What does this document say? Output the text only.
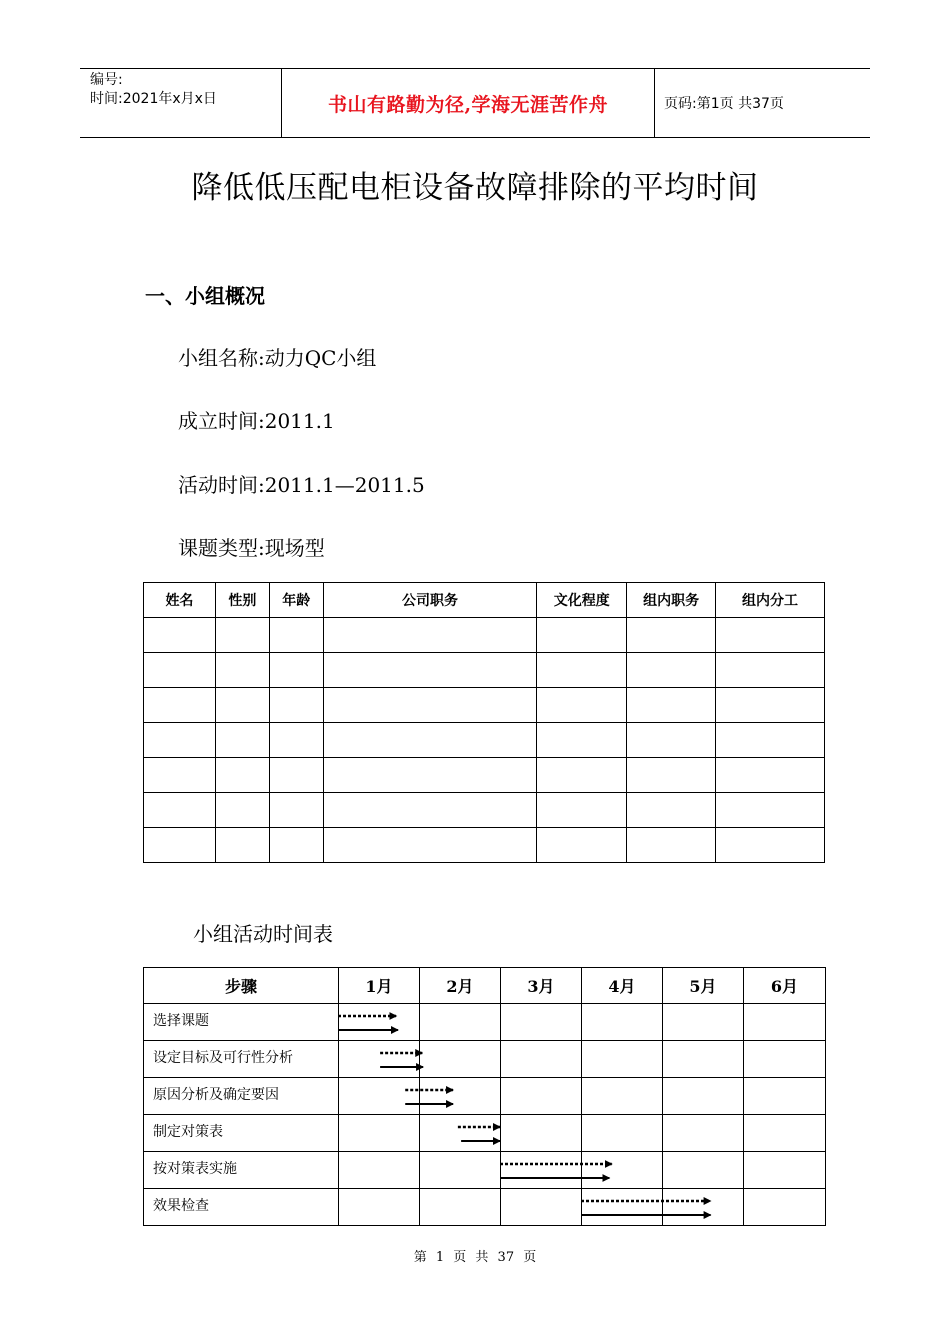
编号:
时间:2021年x月x日	书山有路勤为径,学海无涯苦作舟	页码:第1页 共37页
降低低压配电柜设备故障排除的平均时间
一、小组概况
小组名称:动力QC小组
成立时间:2011.1
活动时间:2011.1—2011.5
课题类型:现场型
姓名	性别	年龄	公司职务	文化程度	组内职务	组内分工

小组活动时间表
步骤	1月	2月	3月	4月	5月	6月
选择课题						
设定目标及可行性分析						
原因分析及确定要因						
制定对策表						
按对策表实施						
效果检查						
第 1 页 共 37 页
